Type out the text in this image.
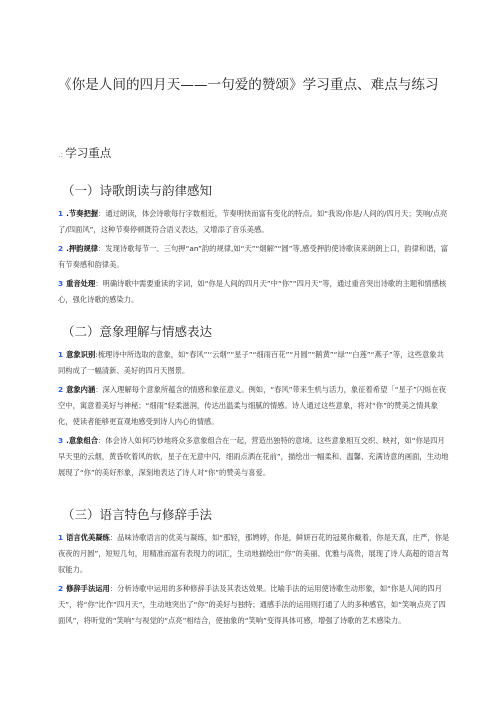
《你是人间的四月天——一句爱的赞颂》学习重点、难点与练习
.: 学习重点
（一）诗歌朗读与韵律感知
1 .节奏把握：通过朗读，体会诗歌每行字数相近，节奏明快而富有变化的特点。如“我说/你是/人间的/四月天；笑响/点亮了/四面风”，这种节奏停顿既符合语义表达，又增添了音乐美感。
2 .押韵规律：发现诗歌每节一、三句押“an”韵的规律,如“天”“烟解”“圆”等,感受押韵使诗歌读来朗朗上口，韵律和谐，富有节奏感和韵律美。
3 重音处理：明确诗歌中需要重读的字词，如“你是人间的四月天”中“你”“四月天”等，通过重音突出诗歌的主题和情感核心，强化诗歌的感染力。
（二）意象理解与情感表达
1 意象识别:梳理诗中所选取的意象，如“春风”‘‘云烟”“星子”“细雨百花”“月圆”“鹅黄”“绿”“白莲”“燕子”等，这些意象共同构成了一幅清新、美好的四月天图景。
2 意象内涵：深入理解每个意象所蕴含的情感和象征意义。例如，“春风”带来生机与活力，象征着希望「“星子”闪烁在夜空中，寓意着美好与神秘；“细雨”轻柔滋润，传达出温柔与细腻的情感。诗人通过这些意象，将对“你”的赞美之情具象化，使读者能够更直观地感受到诗人内心的情感。
3 .意象组合：体会诗人如何巧妙地将众多意象组合在一起，营造出独特的意境。这些意象相互交织、映衬，如“你是四月早天里的云烟，黄昏吹着风的软，星子在无意中闪，细雨点洒在花前”，描绘出一幅柔和、温馨、充满诗意的画面，生动地展现了“你”的美好形象，深刻地表达了诗人对“你”的赞美与喜爱。
（三）语言特色与修辞手法
1 语言优美凝练：品味诗歌语言的优美与凝练，如“那轻，那娉婷，你是，鲜妍百花的冠冕你戴着，你是天真，庄严，你是夜夜的月圆”，短短几句，用精准而富有表现力的词汇，生动地描绘出“你”的美丽、优雅与高贵，展现了诗人高超的语言驾驭能力。
2 修辞手法运用：分析诗歌中运用的多种修辞手法及其表达效果。比喻手法的运用使诗歌生动形象，如“你是人间的四月天”，将“你”比作“四月天”，生动地突出了“你”的美好与独特；通感手法的运用则打通了人的多种感官，如“笑响点亮了四面风”，将听觉的“笑响”与视觉的“点亮”相结合，使抽象的“笑响”变得具体可感，增强了诗歌的艺术感染力。
